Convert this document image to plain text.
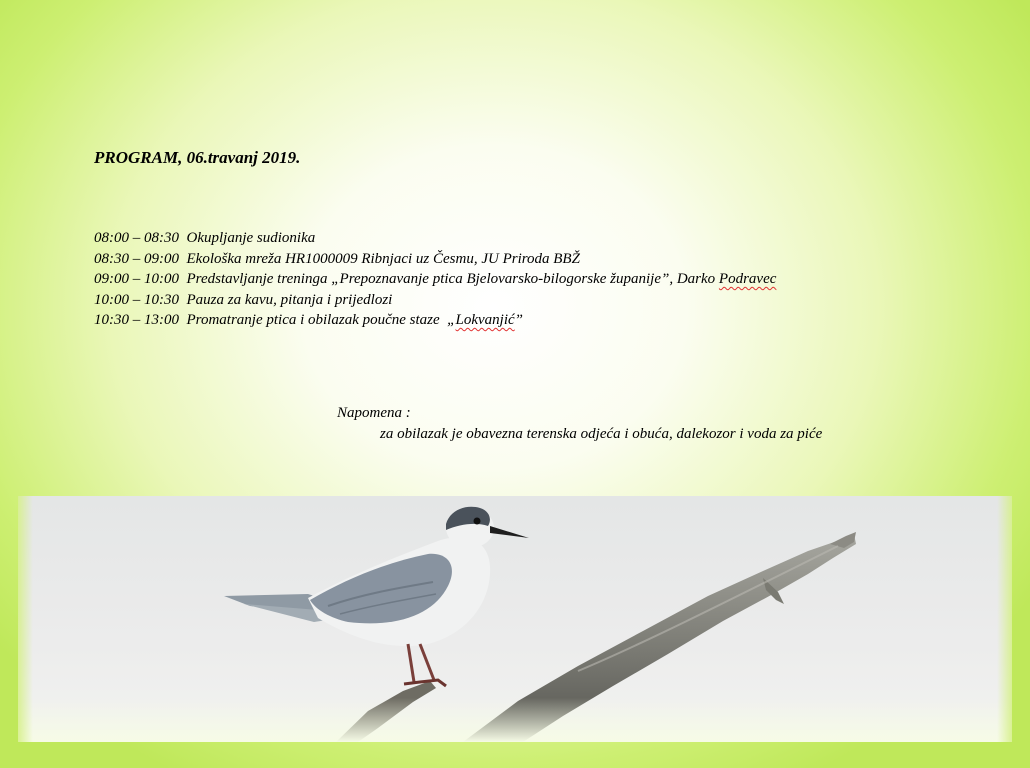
PROGRAM, 06.travanj 2019.
08:00 – 08:30 Okupljanje sudionika
08:30 – 09:00 Ekološka mreža HR1000009 Ribnjaci uz Česmu, JU Priroda BBŽ
09:00 – 10:00 Predstavljanje treninga „Prepoznavanje ptica Bjelovarsko-bilogorske županije”, Darko Podravec
10:00 – 10:30 Pauza za kavu, pitanja i prijedlozi
10:30 – 13:00 Promatranje ptica i obilazak poučne staze  „Lokvanjić”
Napomena :
za obilazak je obavezna terenska odjeća i obuća, dalekozor i voda za piće
